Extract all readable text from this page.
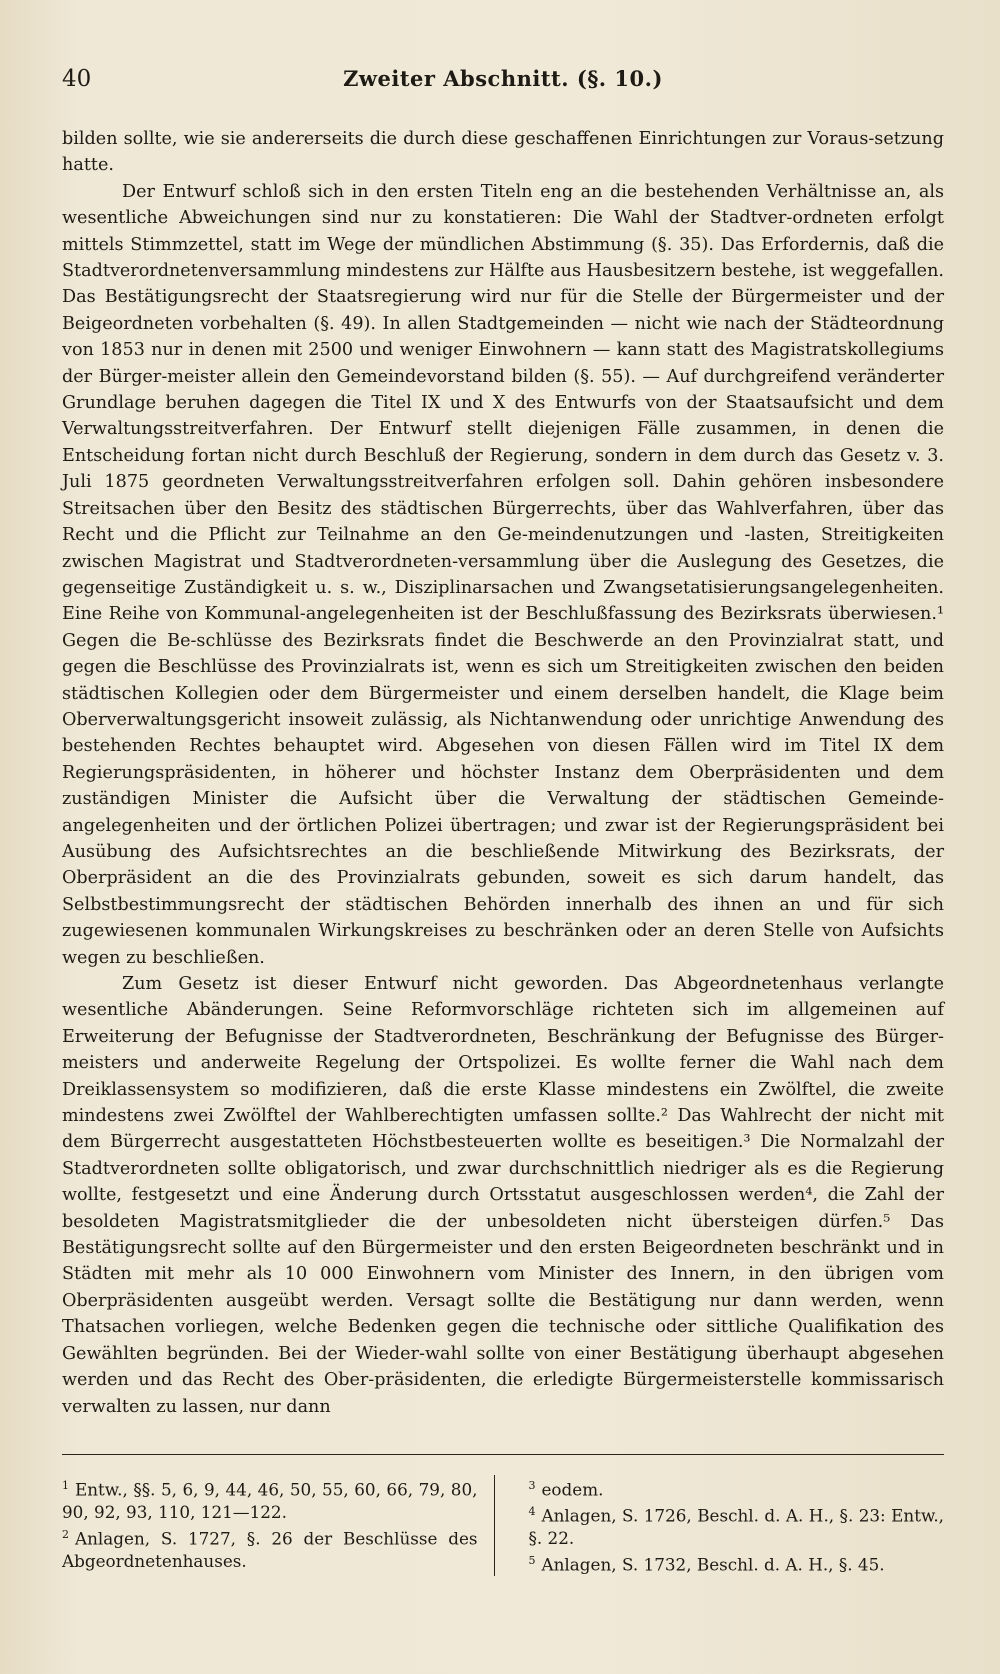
40	Zweiter Abschnitt. (§. 10.)

bilden sollte, wie sie andererseits die durch diese geschaffenen Einrichtungen zur Voraus-setzung hatte.

Der Entwurf schloß sich in den ersten Titeln eng an die bestehenden Verhältnisse an, als wesentliche Abweichungen sind nur zu konstatieren: Die Wahl der Stadtver-ordneten erfolgt mittels Stimmzettel, statt im Wege der mündlichen Abstimmung (§. 35). Das Erfordernis, daß die Stadtverordnetenversammlung mindestens zur Hälfte aus Hausbesitzern bestehe, ist weggefallen. Das Bestätigungsrecht der Staatsregierung wird nur für die Stelle der Bürgermeister und der Beigeordneten vorbehalten (§. 49). In allen Stadtgemeinden — nicht wie nach der Städteordnung von 1853 nur in denen mit 2500 und weniger Einwohnern — kann statt des Magistratskollegiums der Bürger-meister allein den Gemeindevorstand bilden (§. 55). — Auf durchgreifend veränderter Grundlage beruhen dagegen die Titel IX und X des Entwurfs von der Staatsaufsicht und dem Verwaltungsstreitverfahren. Der Entwurf stellt diejenigen Fälle zusammen, in denen die Entscheidung fortan nicht durch Beschluß der Regierung, sondern in dem durch das Gesetz v. 3. Juli 1875 geordneten Verwaltungsstreitverfahren erfolgen soll. Dahin gehören insbesondere Streitsachen über den Besitz des städtischen Bürgerrechts, über das Wahlverfahren, über das Recht und die Pflicht zur Teilnahme an den Ge-meindenutzungen und -lasten, Streitigkeiten zwischen Magistrat und Stadtverordneten-versammlung über die Auslegung des Gesetzes, die gegenseitige Zuständigkeit u. s. w., Disziplinarsachen und Zwangsetatisierungsangelegenheiten. Eine Reihe von Kommunal-angelegenheiten ist der Beschlußfassung des Bezirksrats überwiesen.¹ Gegen die Be-schlüsse des Bezirksrats findet die Beschwerde an den Provinzialrat statt, und gegen die Beschlüsse des Provinzialrats ist, wenn es sich um Streitigkeiten zwischen den beiden städtischen Kollegien oder dem Bürgermeister und einem derselben handelt, die Klage beim Oberverwaltungsgericht insoweit zulässig, als Nichtanwendung oder unrichtige Anwendung des bestehenden Rechtes behauptet wird. Abgesehen von diesen Fällen wird im Titel IX dem Regierungspräsidenten, in höherer und höchster Instanz dem Oberpräsidenten und dem zuständigen Minister die Aufsicht über die Verwaltung der städtischen Gemeinde-angelegenheiten und der örtlichen Polizei übertragen; und zwar ist der Regierungspräsident bei Ausübung des Aufsichtsrechtes an die beschließende Mitwirkung des Bezirksrats, der Oberpräsident an die des Provinzialrats gebunden, soweit es sich darum handelt, das Selbstbestimmungsrecht der städtischen Behörden innerhalb des ihnen an und für sich zugewiesenen kommunalen Wirkungskreises zu beschränken oder an deren Stelle von Aufsichts wegen zu beschließen.

Zum Gesetz ist dieser Entwurf nicht geworden. Das Abgeordnetenhaus verlangte wesentliche Abänderungen. Seine Reformvorschläge richteten sich im allgemeinen auf Erweiterung der Befugnisse der Stadtverordneten, Beschränkung der Befugnisse des Bürger-meisters und anderweite Regelung der Ortspolizei. Es wollte ferner die Wahl nach dem Dreiklassensystem so modifizieren, daß die erste Klasse mindestens ein Zwölftel, die zweite mindestens zwei Zwölftel der Wahlberechtigten umfassen sollte.² Das Wahlrecht der nicht mit dem Bürgerrecht ausgestatteten Höchstbesteuerten wollte es beseitigen.³ Die Normalzahl der Stadtverordneten sollte obligatorisch, und zwar durchschnittlich niedriger als es die Regierung wollte, festgesetzt und eine Änderung durch Ortsstatut ausgeschlossen werden⁴, die Zahl der besoldeten Magistratsmitglieder die der unbesoldeten nicht übersteigen dürfen.⁵ Das Bestätigungsrecht sollte auf den Bürgermeister und den ersten Beigeordneten beschränkt und in Städten mit mehr als 10 000 Einwohnern vom Minister des Innern, in den übrigen vom Oberpräsidenten ausgeübt werden. Versagt sollte die Bestätigung nur dann werden, wenn Thatsachen vorliegen, welche Bedenken gegen die technische oder sittliche Qualifikation des Gewählten begründen. Bei der Wieder-wahl sollte von einer Bestätigung überhaupt abgesehen werden und das Recht des Ober-präsidenten, die erledigte Bürgermeisterstelle kommissarisch verwalten zu lassen, nur dann

$^1$ Entw., §§. 5, 6, 9, 44, 46, 50, 55, 60, 66, 79, 80, 90, 92, 93, 110, 121—122.

$^2$ Anlagen, S. 1727, §. 26 der Beschlüsse des Abgeordnetenhauses.

$^3$ eodem.

$^4$ Anlagen, S. 1726, Beschl. d. A. H., §. 23: Entw., §. 22.

$^5$ Anlagen, S. 1732, Beschl. d. A. H., §. 45.
